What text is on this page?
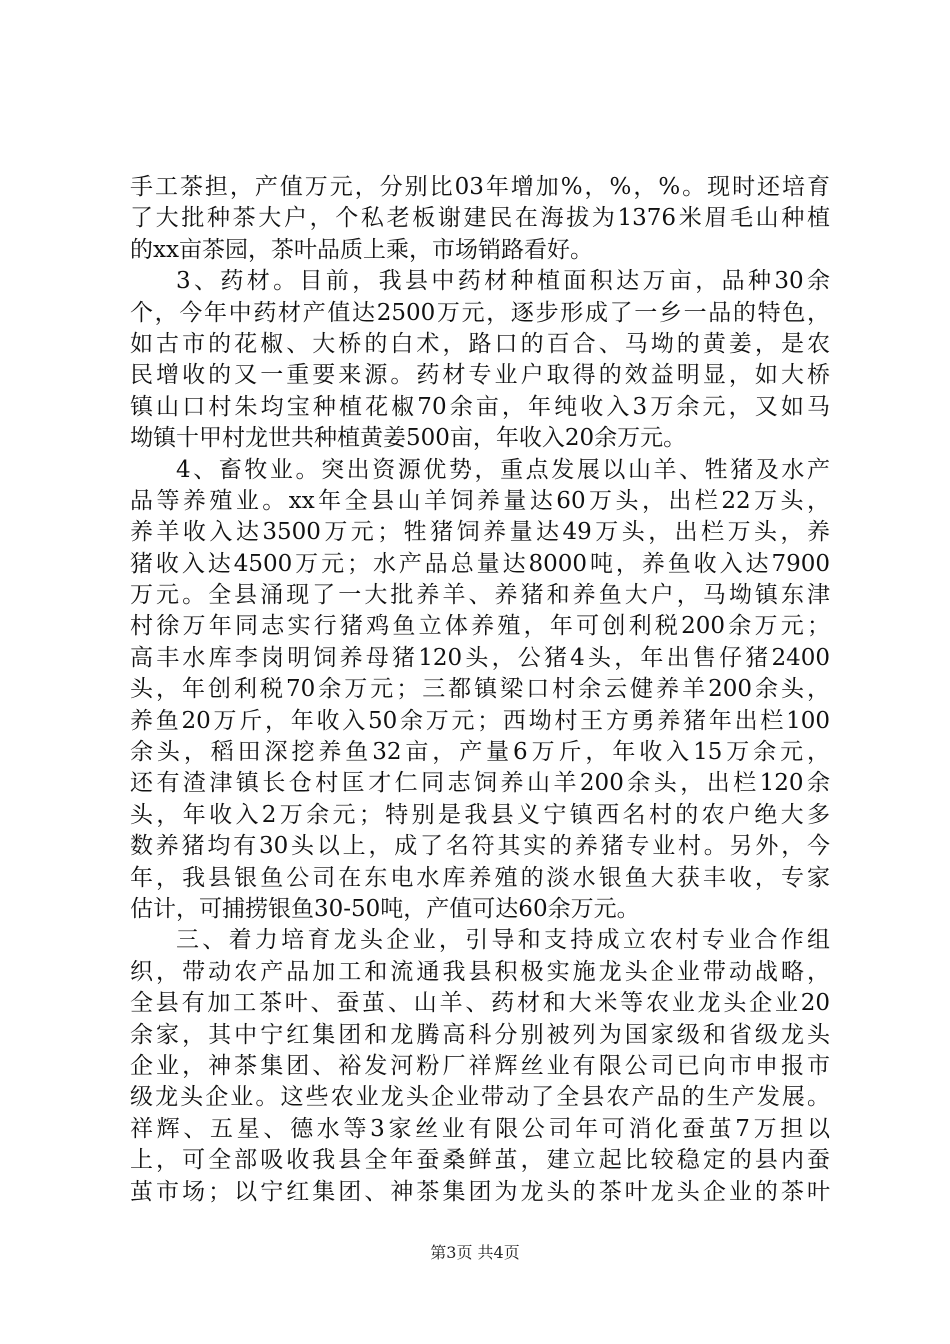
手工茶担，产值万元，分别比03年增加%，%，%。现时还培育
了大批种茶大户，个私老板谢建民在海拔为1376米眉毛山种植
的xx亩茶园，茶叶品质上乘，市场销路看好。
3、药材。目前，我县中药材种植面积达万亩，品种30余
个，今年中药材产值达2500万元，逐步形成了一乡一品的特色，
如古市的花椒、大桥的白术，路口的百合、马坳的黄姜，是农
民增收的又一重要来源。药材专业户取得的效益明显，如大桥
镇山口村朱均宝种植花椒70余亩，年纯收入3万余元，又如马
坳镇十甲村龙世共种植黄姜500亩，年收入20余万元。
4、畜牧业。突出资源优势，重点发展以山羊、牲猪及水产
品等养殖业。xx年全县山羊饲养量达60万头，出栏22万头，
养羊收入达3500万元；牲猪饲养量达49万头，出栏万头，养
猪收入达4500万元；水产品总量达8000吨，养鱼收入达7900
万元。全县涌现了一大批养羊、养猪和养鱼大户，马坳镇东津
村徐万年同志实行猪鸡鱼立体养殖，年可创利税200余万元；
高丰水库李岗明饲养母猪120头，公猪4头，年出售仔猪2400
头，年创利税70余万元；三都镇梁口村余云健养羊200余头，
养鱼20万斤，年收入50余万元；西坳村王方勇养猪年出栏100
余头，稻田深挖养鱼32亩，产量6万斤，年收入15万余元，
还有渣津镇长仓村匡才仁同志饲养山羊200余头，出栏120余
头，年收入2万余元；特别是我县义宁镇西名村的农户绝大多
数养猪均有30头以上，成了名符其实的养猪专业村。另外，今
年，我县银鱼公司在东电水库养殖的淡水银鱼大获丰收，专家
估计，可捕捞银鱼30-50吨，产值可达60余万元。
三、着力培育龙头企业，引导和支持成立农村专业合作组
织，带动农产品加工和流通我县积极实施龙头企业带动战略，
全县有加工茶叶、蚕茧、山羊、药材和大米等农业龙头企业20
余家，其中宁红集团和龙腾高科分别被列为国家级和省级龙头
企业，神茶集团、裕发河粉厂祥辉丝业有限公司已向市申报市
级龙头企业。这些农业龙头企业带动了全县农产品的生产发展。
祥辉、五星、德水等3家丝业有限公司年可消化蚕茧7万担以
上，可全部吸收我县全年蚕桑鲜茧，建立起比较稳定的县内蚕
茧市场；以宁红集团、神茶集团为龙头的茶叶龙头企业的茶叶
第3页 共4页
